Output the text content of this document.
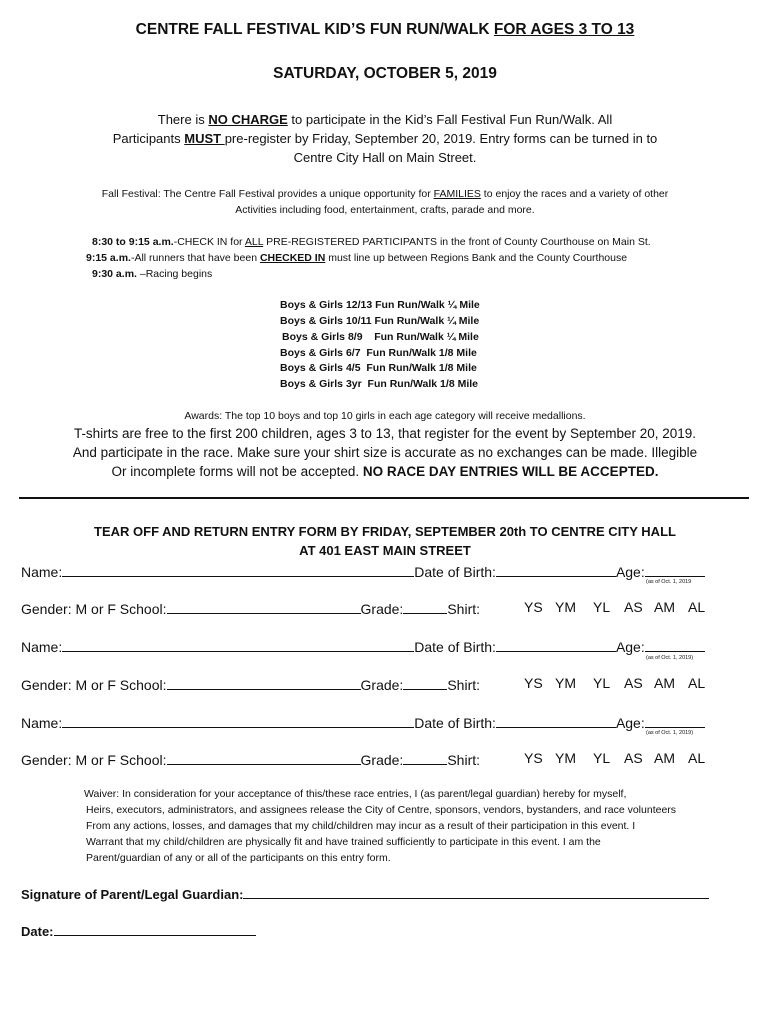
CENTRE FALL FESTIVAL KID’S FUN RUN/WALK FOR AGES 3 TO 13
SATURDAY, OCTOBER 5, 2019
There is NO CHARGE to participate in the Kid’s Fall Festival Fun Run/Walk. All
Participants MUST pre-register by Friday, September 20, 2019. Entry forms can be turned in to
Centre City Hall on Main Street.
Fall Festival: The Centre Fall Festival provides a unique opportunity for FAMILIES to enjoy the races and a variety of other
Activities including food, entertainment, crafts, parade and more.
8:30 to 9:15 a.m.-CHECK IN for ALL PRE-REGISTERED PARTICIPANTS in the front of County Courthouse on Main St.
9:15 a.m.-All runners that have been CHECKED IN must line up between Regions Bank and the County Courthouse
9:30 a.m. –Racing begins
Boys & Girls 12/13 Fun Run/Walk ¼ Mile
Boys & Girls 10/11 Fun Run/Walk ¼ Mile
Boys & Girls 8/9    Fun Run/Walk ¼ Mile
Boys & Girls 6/7  Fun Run/Walk 1/8 Mile
Boys & Girls 4/5  Fun Run/Walk 1/8 Mile
Boys & Girls 3yr  Fun Run/Walk 1/8 Mile
Awards: The top 10 boys and top 10 girls in each age category will receive medallions.
T-shirts are free to the first 200 children, ages 3 to 13, that register for the event by September 20, 2019.
And participate in the race. Make sure your shirt size is accurate as no exchanges can be made. Illegible
Or incomplete forms will not be accepted. NO RACE DAY ENTRIES WILL BE ACCEPTED.
TEAR OFF AND RETURN ENTRY FORM BY FRIDAY, SEPTEMBER 20th TO CENTRE CITY HALL
AT 401 EAST MAIN STREET
Name:	Date of Birth:	Age:
(as of Oct. 1, 2019
Gender: M or F School:	Grade:	Shirt:	YS YM YL AS AM AL
Name:	Date of Birth:	Age:
(as of Oct. 1, 2019)
Gender: M or F School:	Grade:	Shirt:	YS YM YL AS AM AL
Name:	Date of Birth:	Age:
(as of Oct. 1, 2019)
Gender: M or F School:	Grade:	Shirt:	YS YM YL AS AM AL
Waiver: In consideration for your acceptance of this/these race entries, I (as parent/legal guardian) hereby for myself,
Heirs, executors, administrators, and assignees release the City of Centre, sponsors, vendors, bystanders, and race volunteers
From any actions, losses, and damages that my child/children may incur as a result of their participation in this event. I
Warrant that my child/children are physically fit and have trained sufficiently to participate in this event. I am the
Parent/guardian of any or all of the participants on this entry form.
Signature of Parent/Legal Guardian:
Date:
